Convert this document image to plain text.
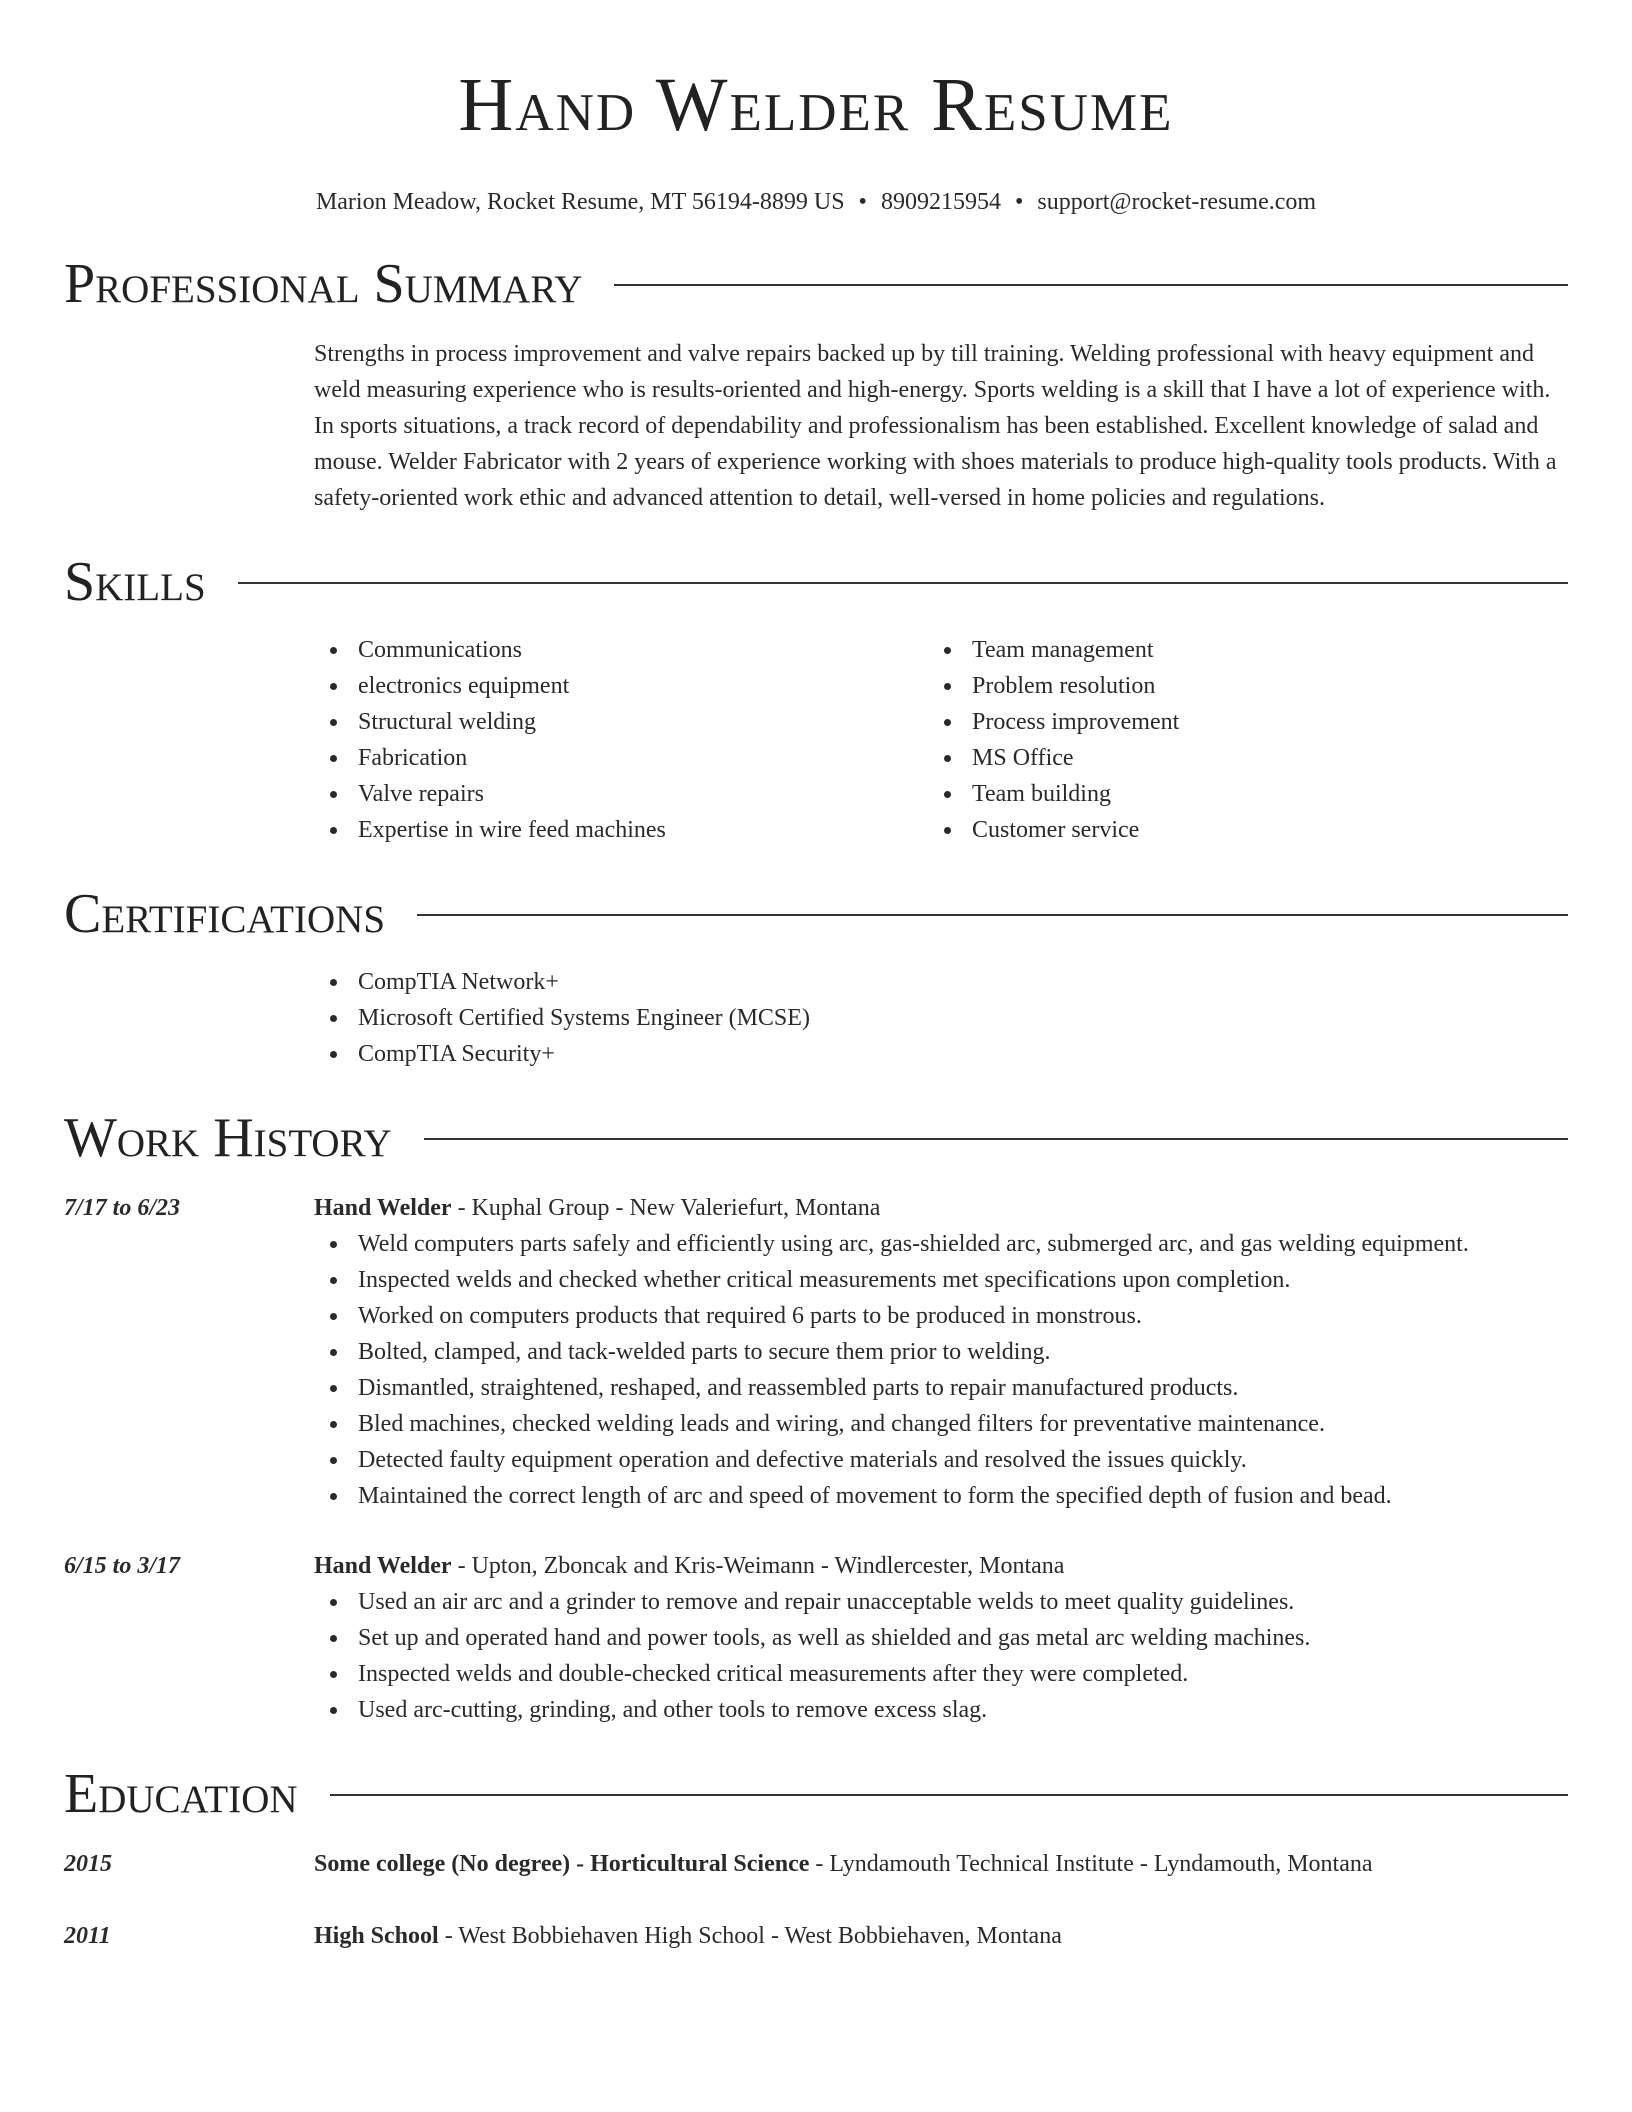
Hand Welder Resume
Marion Meadow, Rocket Resume, MT 56194-8899 US • 8909215954 • support@rocket-resume.com
Professional Summary

Strengths in process improvement and valve repairs backed up by till training. Welding professional with heavy equipment and weld measuring experience who is results-oriented and high-energy. Sports welding is a skill that I have a lot of experience with. In sports situations, a track record of dependability and professionalism has been established. Excellent knowledge of salad and mouse. Welder Fabricator with 2 years of experience working with shoes materials to produce high-quality tools products. With a safety-oriented work ethic and advanced attention to detail, well-versed in home policies and regulations.

Skills
Communications
electronics equipment
Structural welding
Fabrication
Valve repairs
Expertise in wire feed machines
Team management
Problem resolution
Process improvement
MS Office
Team building
Customer service
Certifications
CompTIA Network+
Microsoft Certified Systems Engineer (MCSE)
CompTIA Security+
Work History
7/17 to 6/23	Hand Welder - Kuphal Group - New Valeriefurt, Montana
Weld computers parts safely and efficiently using arc, gas-shielded arc, submerged arc, and gas welding equipment.
Inspected welds and checked whether critical measurements met specifications upon completion.
Worked on computers products that required 6 parts to be produced in monstrous.
Bolted, clamped, and tack-welded parts to secure them prior to welding.
Dismantled, straightened, reshaped, and reassembled parts to repair manufactured products.
Bled machines, checked welding leads and wiring, and changed filters for preventative maintenance.
Detected faulty equipment operation and defective materials and resolved the issues quickly.
Maintained the correct length of arc and speed of movement to form the specified depth of fusion and bead.
6/15 to 3/17	Hand Welder - Upton, Zboncak and Kris-Weimann - Windlercester, Montana
Used an air arc and a grinder to remove and repair unacceptable welds to meet quality guidelines.
Set up and operated hand and power tools, as well as shielded and gas metal arc welding machines.
Inspected welds and double-checked critical measurements after they were completed.
Used arc-cutting, grinding, and other tools to remove excess slag.
Education
2015	Some college (No degree) - Horticultural Science - Lyndamouth Technical Institute - Lyndamouth, Montana
2011	High School - West Bobbiehaven High School - West Bobbiehaven, Montana
